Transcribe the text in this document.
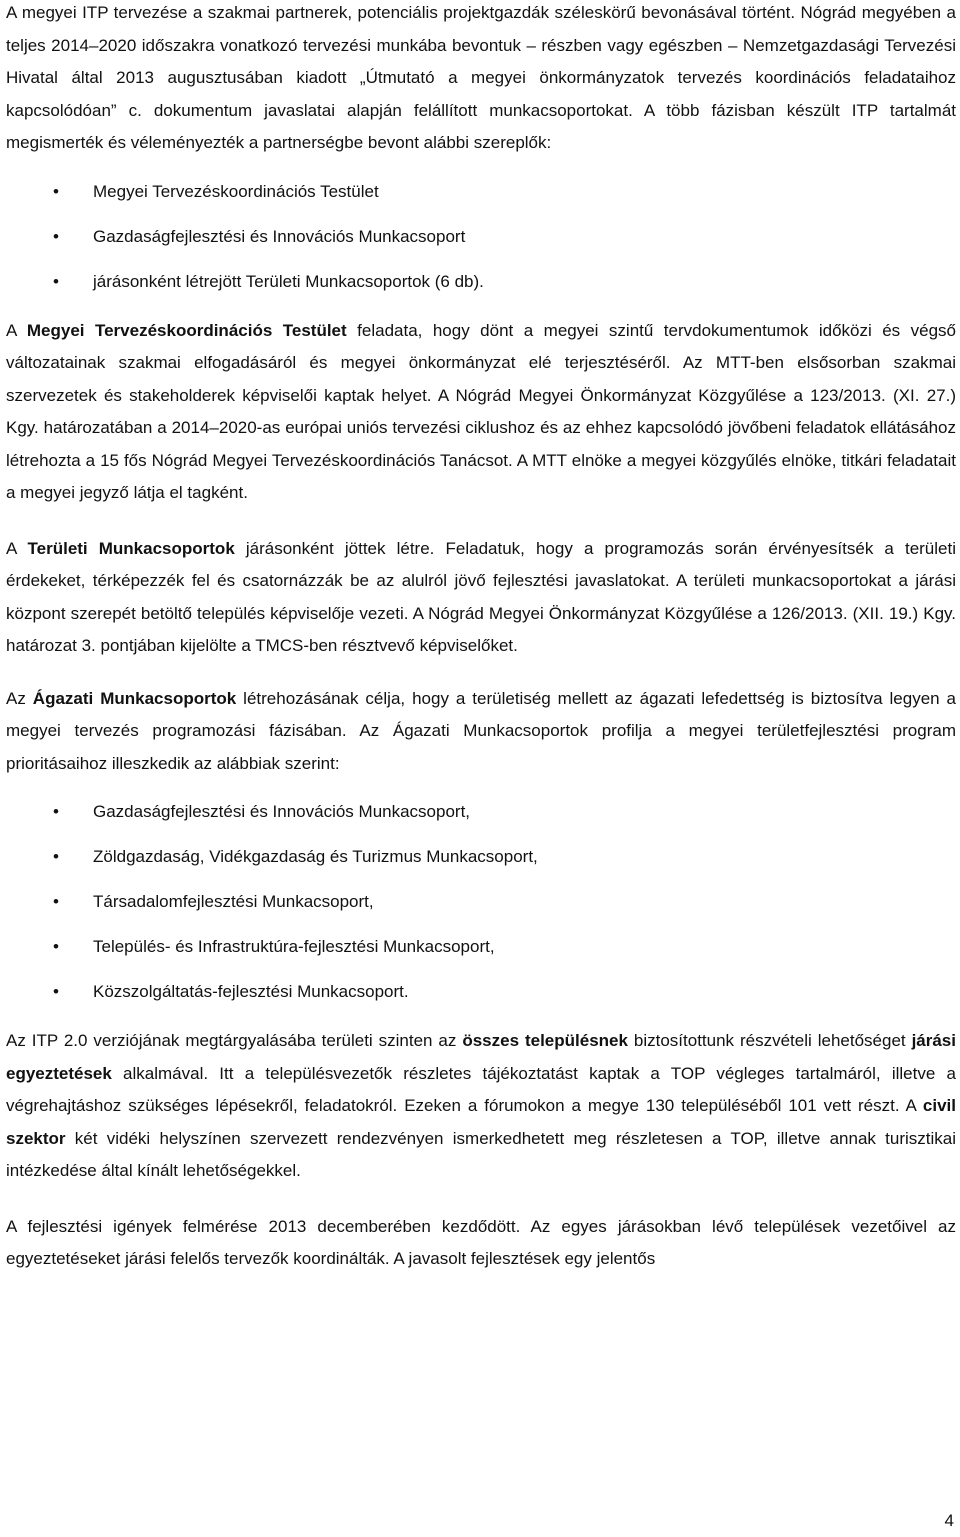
A megyei ITP tervezése a szakmai partnerek, potenciális projektgazdák széleskörű bevonásával történt. Nógrád megyében a teljes 2014–2020 időszakra vonatkozó tervezési munkába bevontuk – részben vagy egészben – Nemzetgazdasági Tervezési Hivatal által 2013 augusztusában kiadott „Útmutató a megyei önkormányzatok tervezés koordinációs feladataihoz kapcsolódóan” c. dokumentum javaslatai alapján felállított munkacsoportokat. A több fázisban készült ITP tartalmát megismerték és véleményezték a partnerségbe bevont alábbi szereplők:

• Megyei Tervezéskoordinációs Testület
• Gazdaságfejlesztési és Innovációs Munkacsoport
• járásonként létrejött Területi Munkacsoportok (6 db).

A Megyei Tervezéskoordinációs Testület feladata, hogy dönt a megyei szintű tervdokumentumok időközi és végső változatainak szakmai elfogadásáról és megyei önkormányzat elé terjesztéséről. Az MTT-ben elsősorban szakmai szervezetek és stakeholderek képviselői kaptak helyet. A Nógrád Megyei Önkormányzat Közgyűlése a 123/2013. (XI. 27.) Kgy. határozatában a 2014–2020-as európai uniós tervezési ciklushoz és az ehhez kapcsolódó jövőbeni feladatok ellátásához létrehozta a 15 fős Nógrád Megyei Tervezéskoordinációs Tanácsot. A MTT elnöke a megyei közgyűlés elnöke, titkári feladatait a megyei jegyző látja el tagként.

A Területi Munkacsoportok járásonként jöttek létre. Feladatuk, hogy a programozás során érvényesítsék a területi érdekeket, térképezzék fel és csatornázzák be az alulról jövő fejlesztési javaslatokat. A területi munkacsoportokat a járási központ szerepét betöltő település képviselője vezeti. A Nógrád Megyei Önkormányzat Közgyűlése a 126/2013. (XII. 19.) Kgy. határozat 3. pontjában kijelölte a TMCS-ben résztvevő képviselőket.

Az Ágazati Munkacsoportok létrehozásának célja, hogy a területiség mellett az ágazati lefedettség is biztosítva legyen a megyei tervezés programozási fázisában. Az Ágazati Munkacsoportok profilja a megyei területfejlesztési program prioritásaihoz illeszkedik az alábbiak szerint:

• Gazdaságfejlesztési és Innovációs Munkacsoport,
• Zöldgazdaság, Vidékgazdaság és Turizmus Munkacsoport,
• Társadalomfejlesztési Munkacsoport,
• Település- és Infrastruktúra-fejlesztési Munkacsoport,
• Közszolgáltatás-fejlesztési Munkacsoport.

Az ITP 2.0 verziójának megtárgyalásába területi szinten az összes településnek biztosítottunk részvételi lehetőséget járási egyeztetések alkalmával. Itt a településvezetők részletes tájékoztatást kaptak a TOP végleges tartalmáról, illetve a végrehajtáshoz szükséges lépésekről, feladatokról. Ezeken a fórumokon a megye 130 településéből 101 vett részt. A civil szektor két vidéki helyszínen szervezett rendezvényen ismerkedhetett meg részletesen a TOP, illetve annak turisztikai intézkedése által kínált lehetőségekkel.

A fejlesztési igények felmérése 2013 decemberében kezdődött. Az egyes járásokban lévő települések vezetőivel az egyeztetéseket járási felelős tervezők koordinálták. A javasolt fejlesztések egy jelentős

4
